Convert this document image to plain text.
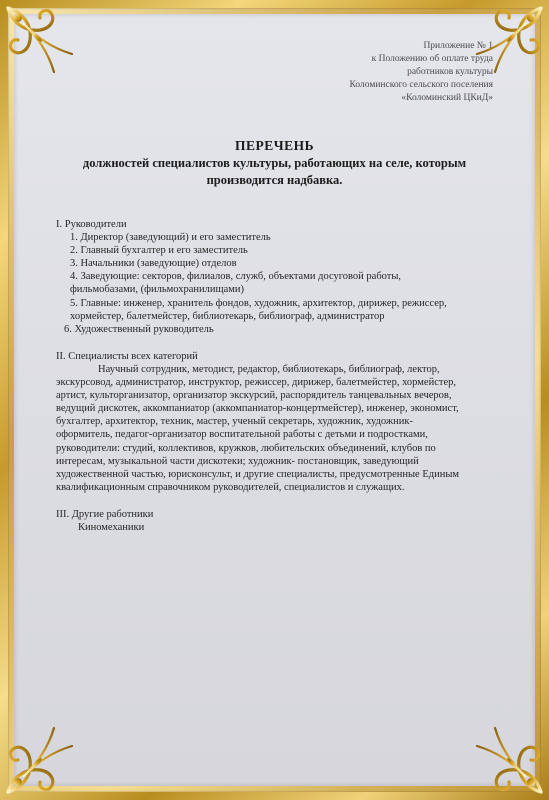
Приложение № 1
к Положению об оплате труда
работников культуры
Коломинского сельского поселения
«Коломинский ЦКиД»
ПЕРЕЧЕНЬ
должностей специалистов культуры, работающих на селе, которым
производится надбавка.

I. Руководители

1. Директор (заведующий) и его заместитель
2. Главный бухгалтер и его заместитель
3. Начальники (заведующие) отделов
4. Заведующие: секторов, филиалов, служб, объектами досуговой работы,
фильмобазами, (фильмохранилищами)
5. Главные: инженер, хранитель фондов, художник, архитектор, дирижер, режиссер,
хормейстер, балетмейстер, библиотекарь, библиограф, администратор
6. Художественный руководитель

II. Специалисты всех категорий

Научный сотрудник, методист, редактор, библиотекарь, библиограф, лектор,
экскурсовод, администратор, инструктор, режиссер, дирижер, балетмейстер, хормейстер,
артист, культорганизатор, организатор экскурсий, распорядитель танцевальных вечеров,
ведущий дискотек, аккомпаниатор (аккомпаниатор-концертмейстер), инженер, экономист,
бухгалтер, архитектор, техник, мастер, ученый секретарь, художник, художник-
оформитель, педагог-организатор воспитательной работы с детьми и подростками,
руководители: студий, коллективов, кружков, любительских объединений, клубов по
интересам, музыкальной части дискотеки; художник- постановщик, заведующий
художественной частью, юрисконсульт, и другие специалисты, предусмотренные Единым
квалификационным справочником руководителей, специалистов и служащих.

III. Другие работники

Киномеханики
